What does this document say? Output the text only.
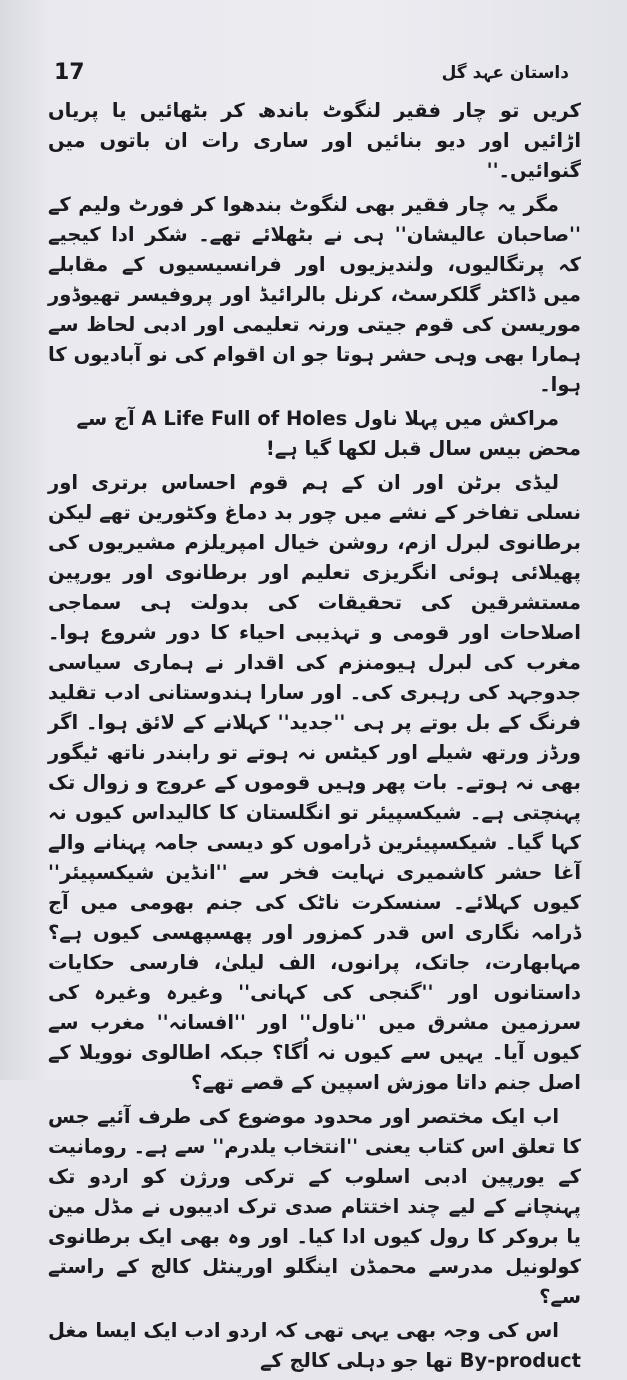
17	داستان عہد گل

کریں تو چار فقیر لنگوٹ باندھ کر بٹھائیں یا پریاں اڑائیں اور دیو بنائیں اور ساری رات ان باتوں میں گنوائیں۔''

مگر یہ چار فقیر بھی لنگوٹ بندھوا کر فورٹ ولیم کے ''صاحبان عالیشان'' ہی نے بٹھلائے تھے۔ شکر ادا کیجیے کہ پرتگالیوں، ولندیزیوں اور فرانسیسیوں کے مقابلے میں ڈاکٹر گلکرسٹ، کرنل بالرائیڈ اور پروفیسر تھیوڈور موریسن کی قوم جیتی ورنہ تعلیمی اور ادبی لحاظ سے ہمارا بھی وہی حشر ہوتا جو ان اقوام کی نو آبادیوں کا ہوا۔

مراکش میں پہلا ناول A Life Full of Holes آج سے محض بیس سال قبل لکھا گیا ہے!

لیڈی برٹن اور ان کے ہم قوم احساس برتری اور نسلی تفاخر کے نشے میں چور بد دماغ وکٹورین تھے لیکن برطانوی لبرل ازم، روشن خیال امپریلزم مشیریوں کی پھیلائی ہوئی انگریزی تعلیم اور برطانوی اور یورپین مستشرقین کی تحقیقات کی بدولت ہی سماجی اصلاحات اور قومی و تہذیبی احیاء کا دور شروع ہوا۔ مغرب کی لبرل ہیومنزم کی اقدار نے ہماری سیاسی جدوجہد کی رہبری کی۔ اور سارا ہندوستانی ادب تقلید فرنگ کے بل بوتے پر ہی ''جدید'' کہلانے کے لائق ہوا۔ اگر ورڈز ورتھ شیلے اور کیٹس نہ ہوتے تو رابندر ناتھ ٹیگور بھی نہ ہوتے۔ بات پھر وہیں قوموں کے عروج و زوال تک پہنچتی ہے۔ شیکسپیئر تو انگلستان کا کالیداس کیوں نہ کہا گیا۔ شیکسپیئرین ڈراموں کو دیسی جامہ پہنانے والے آغا حشر کاشمیری نہایت فخر سے ''انڈین شیکسپیئر'' کیوں کہلائے۔ سنسکرت ناٹک کی جنم بھومی میں آج ڈرامہ نگاری اس قدر کمزور اور پھسپھسی کیوں ہے؟ مہابھارت، جاتک، پرانوں، الف لیلیٰ، فارسی حکایات داستانوں اور ''گنجی کی کہانی'' وغیرہ وغیرہ کی سرزمین مشرق میں ''ناول'' اور ''افسانہ'' مغرب سے کیوں آیا۔ یہیں سے کیوں نہ اُگا؟ جبکہ اطالوی نوویلا کے اصل جنم داتا موزش اسپین کے قصے تھے؟

اب ایک مختصر اور محدود موضوع کی طرف آئیے جس کا تعلق اس کتاب یعنی ''انتخاب یلدرم'' سے ہے۔ رومانیت کے یورپین ادبی اسلوب کے ترکی ورژن کو اردو تک پہنچانے کے لیے چند اختتام صدی ترک ادیبوں نے مڈل مین یا بروکر کا رول کیوں ادا کیا۔ اور وہ بھی ایک برطانوی کولونیل مدرسے محمڈن اینگلو اورینٹل کالج کے راستے سے؟

اس کی وجہ بھی یہی تھی کہ اردو ادب ایک ایسا مغل By-product تھا جو دہلی کالج کے
